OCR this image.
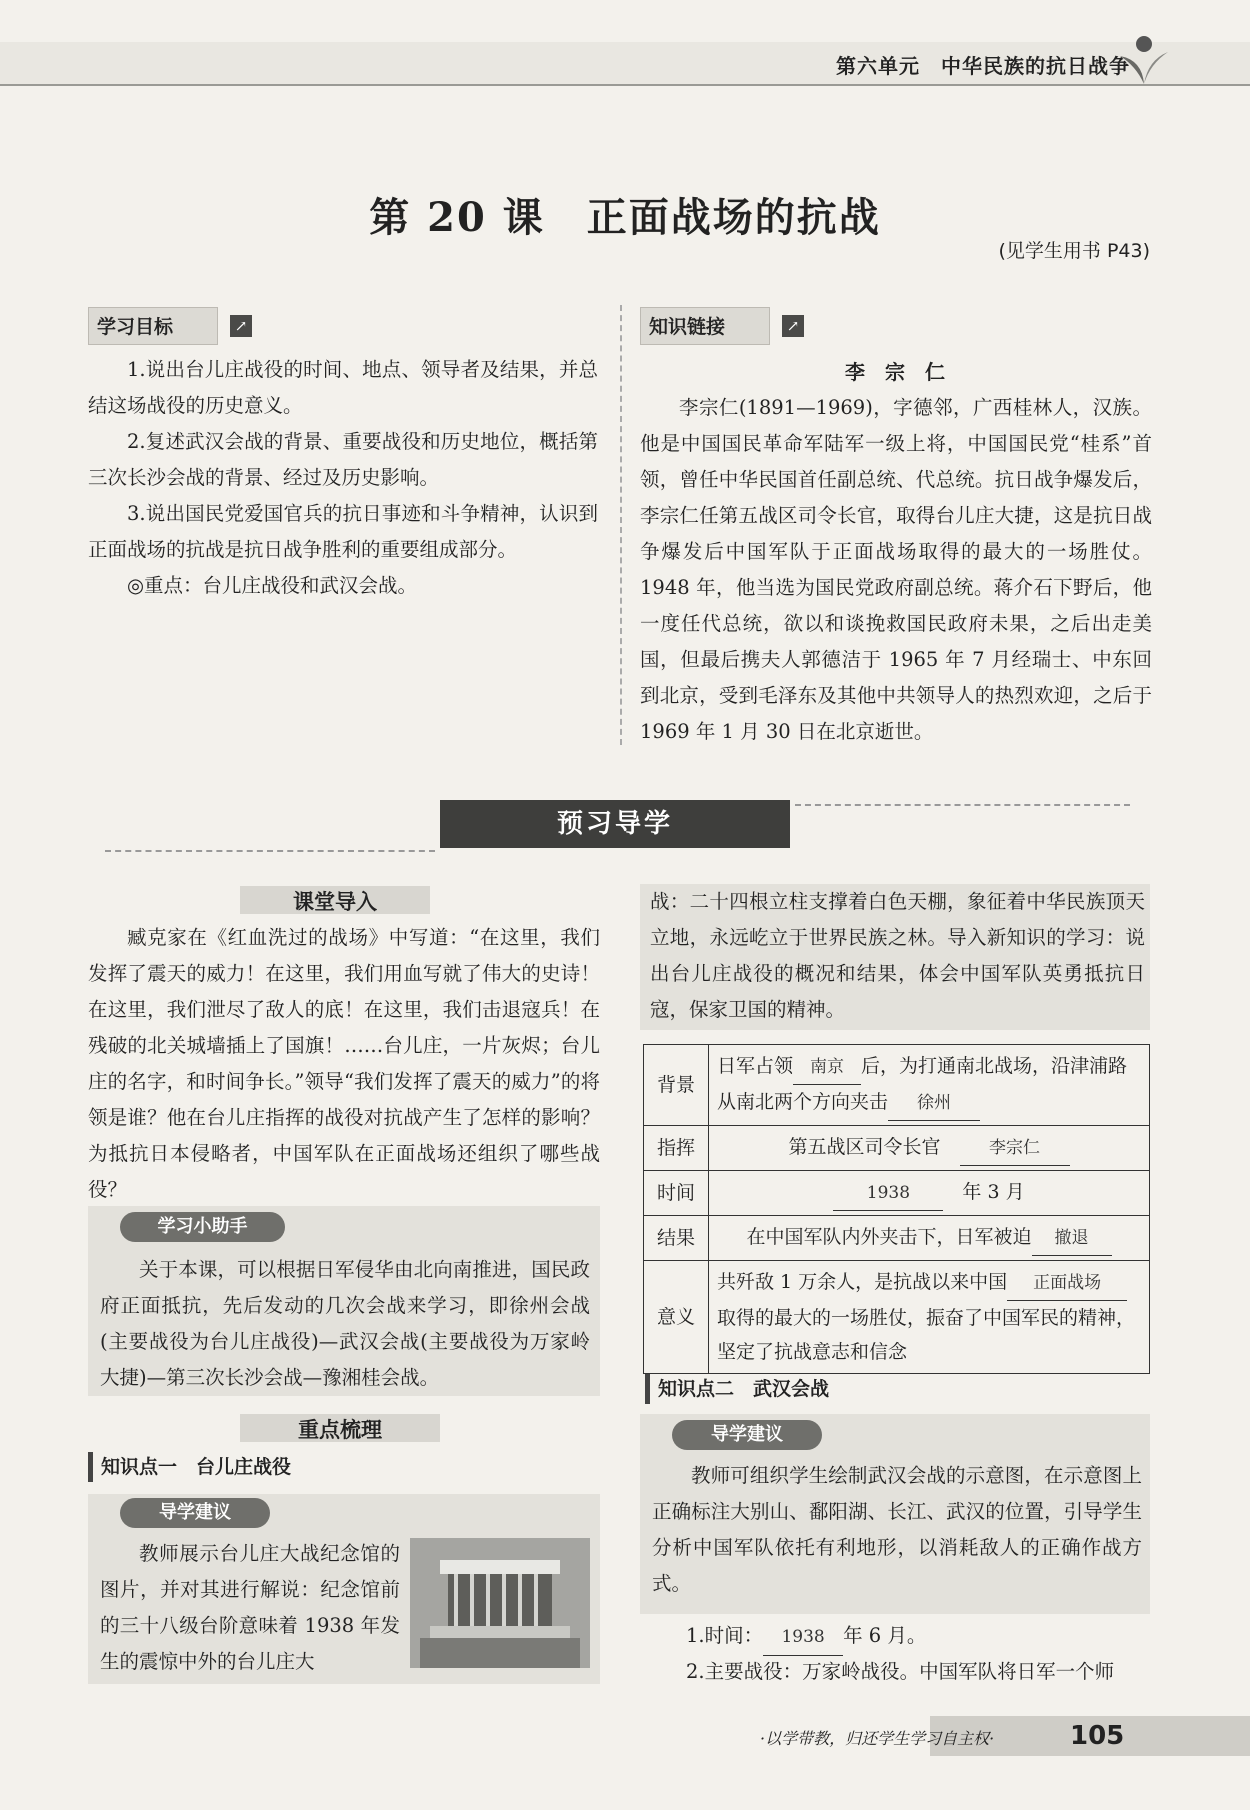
第六单元　中华民族的抗日战争
第 20 课　正面战场的抗战
(见学生用书 P43)
学习目标	↗

1.说出台儿庄战役的时间、地点、领导者及结果，并总结这场战役的历史意义。

2.复述武汉会战的背景、重要战役和历史地位，概括第三次长沙会战的背景、经过及历史影响。

3.说出国民党爱国官兵的抗日事迹和斗争精神，认识到正面战场的抗战是抗日战争胜利的重要组成部分。

◎重点：台儿庄战役和武汉会战。

知识链接	↗
李　宗　仁

李宗仁(1891—1969)，字德邻，广西桂林人，汉族。他是中国国民革命军陆军一级上将，中国国民党“桂系”首领，曾任中华民国首任副总统、代总统。抗日战争爆发后，李宗仁任第五战区司令长官，取得台儿庄大捷，这是抗日战争爆发后中国军队于正面战场取得的最大的一场胜仗。1948 年，他当选为国民党政府副总统。蒋介石下野后，他一度任代总统，欲以和谈挽救国民政府未果，之后出走美国，但最后携夫人郭德洁于 1965 年 7 月经瑞士、中东回到北京，受到毛泽东及其他中共领导人的热烈欢迎，之后于 1969 年 1 月 30 日在北京逝世。

预习导学
课堂导入

臧克家在《红血洗过的战场》中写道：“在这里，我们发挥了震天的威力！在这里，我们用血写就了伟大的史诗！在这里，我们泄尽了敌人的底！在这里，我们击退寇兵！在残破的北关城墙插上了国旗！……台儿庄，一片灰烬；台儿庄的名字，和时间争长。”领导“我们发挥了震天的威力”的将领是谁？他在台儿庄指挥的战役对抗战产生了怎样的影响？为抵抗日本侵略者，中国军队在正面战场还组织了哪些战役？

学习小助手

关于本课，可以根据日军侵华由北向南推进，国民政府正面抵抗，先后发动的几次会战来学习，即徐州会战(主要战役为台儿庄战役)—武汉会战(主要战役为万家岭大捷)—第三次长沙会战—豫湘桂会战。

重点梳理
知识点一　 台儿庄战役
导学建议

教师展示台儿庄大战纪念馆的图片，并对其进行解说：纪念馆前的三十八级台阶意味着 1938 年发生的震惊中外的台儿庄大

战：二十四根立柱支撑着白色天棚，象征着中华民族顶天立地，永远屹立于世界民族之林。导入新知识的学习：说出台儿庄战役的概况和结果，体会中国军队英勇抵抗日寇，保家卫国的精神。

背景	日军占领 南京 后，为打通南北战场，沿津浦路从南北两个方向夹击 徐州
指挥	第五战区司令长官　 李宗仁
时间	1938　 年 3 月
结果	在中国军队内外夹击下，日军被迫 撤退
意义	共歼敌 1 万余人，是抗战以来中国 正面战场取得的最大的一场胜仗，振奋了中国军民的精神，坚定了抗战意志和信念
知识点二　 武汉会战
导学建议

教师可组织学生绘制武汉会战的示意图，在示意图上正确标注大别山、鄱阳湖、长江、武汉的位置，引导学生分析中国军队依托有利地形，以消耗敌人的正确作战方式。

1.时间： 1938 年 6 月。
2.主要战役：万家岭战役。中国军队将日军一个师
·以学带教，归还学生学习自主权·	105
